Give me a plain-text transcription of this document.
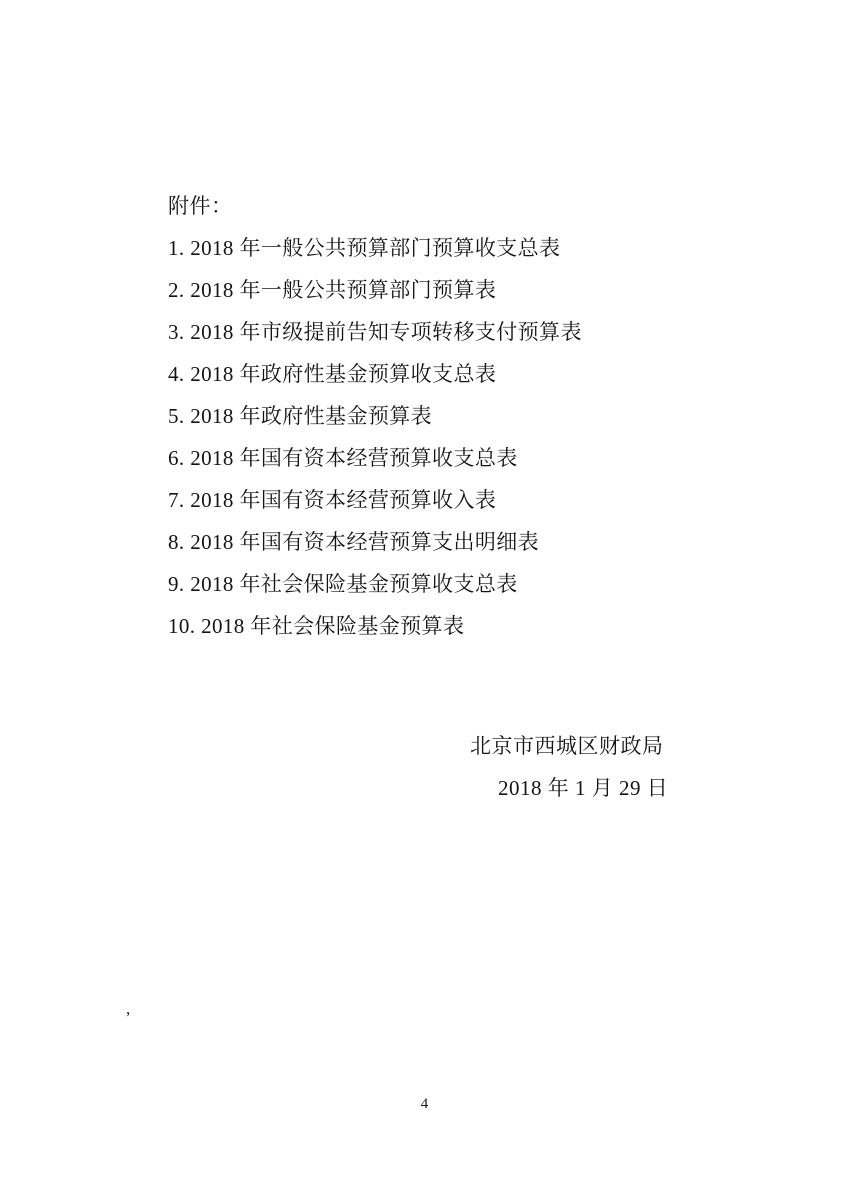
附件：
1. 2018 年一般公共预算部门预算收支总表
2. 2018 年一般公共预算部门预算表
3. 2018 年市级提前告知专项转移支付预算表
4. 2018 年政府性基金预算收支总表
5. 2018 年政府性基金预算表
6. 2018 年国有资本经营预算收支总表
7. 2018 年国有资本经营预算收入表
8. 2018 年国有资本经营预算支出明细表
9. 2018 年社会保险基金预算收支总表
10. 2018 年社会保险基金预算表
北京市西城区财政局
2018 年 1 月 29 日
,
4
